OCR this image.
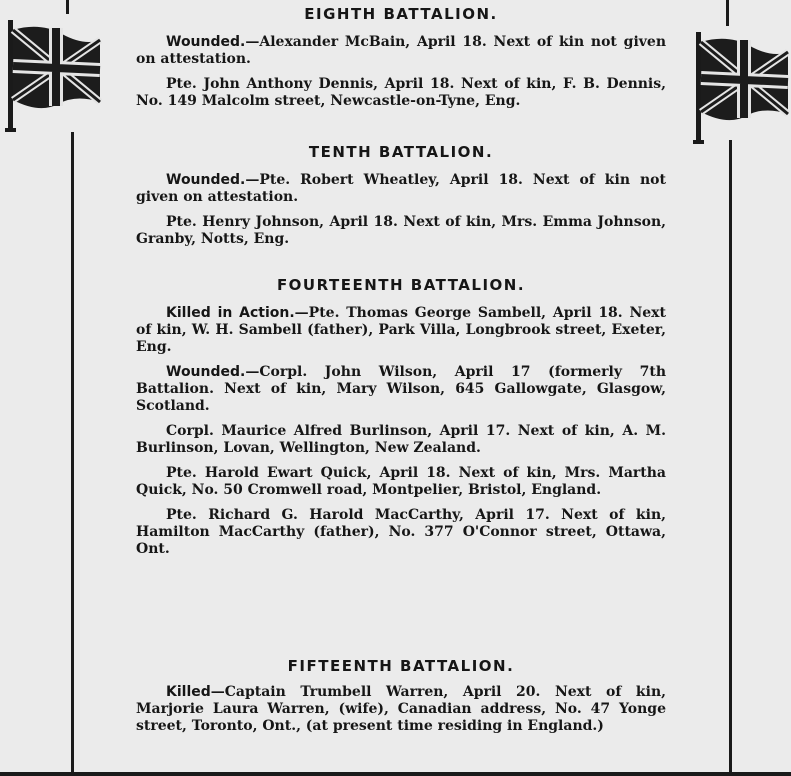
EIGHTH BATTALION.

Wounded.—Alexander McBain, April 18. Next of kin not given on attestation.

Pte. John Anthony Dennis, April 18. Next of kin, F. B. Dennis, No. 149 Malcolm street, Newcastle-on-Tyne, Eng.

TENTH BATTALION.

Wounded.—Pte. Robert Wheatley, April 18. Next of kin not given on attestation.

Pte. Henry Johnson, April 18. Next of kin, Mrs. Emma Johnson, Granby, Notts, Eng.

FOURTEENTH BATTALION.

Killed in Action.—Pte. Thomas George Sambell, April 18. Next of kin, W. H. Sambell (father), Park Villa, Longbrook street, Exeter, Eng.

Wounded.—Corpl. John Wilson, April 17 (formerly 7th Battalion. Next of kin, Mary Wilson, 645 Gallowgate, Glasgow, Scotland.

Corpl. Maurice Alfred Burlinson, April 17. Next of kin, A. M. Burlinson, Lovan, Wellington, New Zealand.

Pte. Harold Ewart Quick, April 18. Next of kin, Mrs. Martha Quick, No. 50 Cromwell road, Montpelier, Bristol, England.

Pte. Richard G. Harold MacCarthy, April 17. Next of kin, Hamilton MacCarthy (father), No. 377 O'Connor street, Ottawa, Ont.

FIFTEENTH BATTALION.

Killed—Captain Trumbell Warren, April 20. Next of kin, Marjorie Laura Warren, (wife), Canadian address, No. 47 Yonge street, Toronto, Ont., (at present time residing in England.)
